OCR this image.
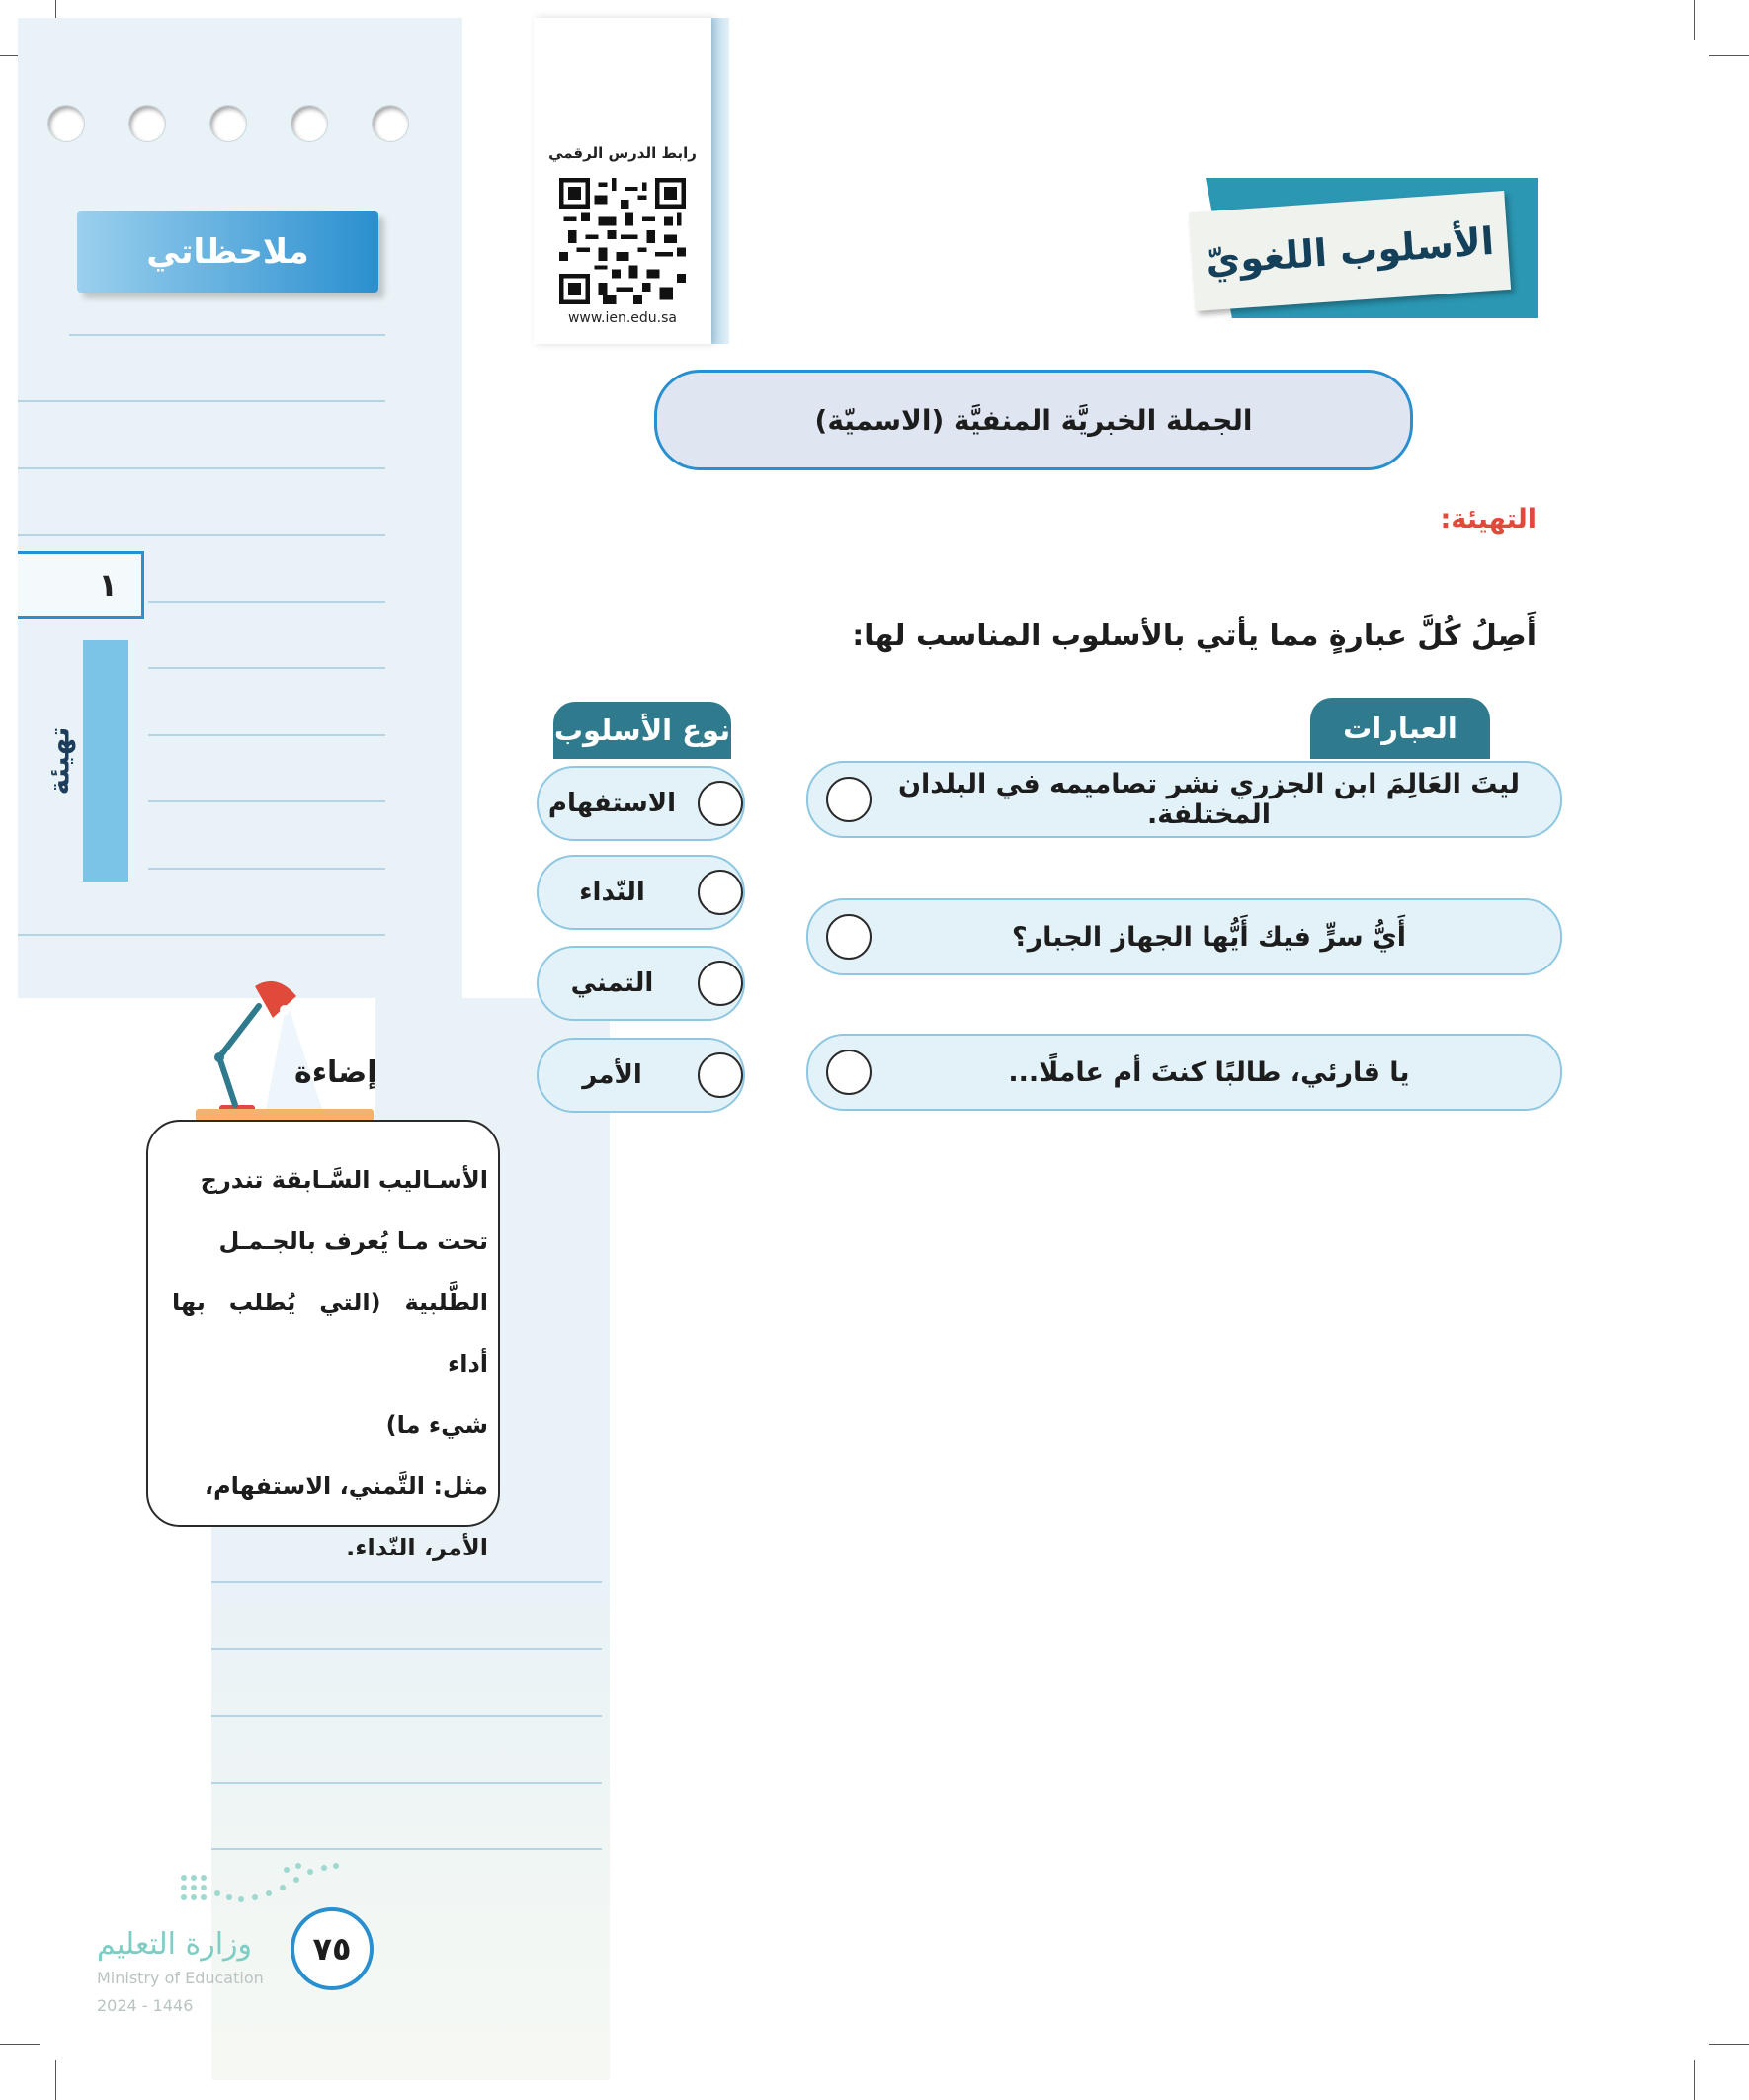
ملاحظاتي
١
تهيئة
رابط الدرس الرقمي
www.ien.edu.sa
الأسلوب اللغويّ
الجملة الخبريَّة المنفيَّة (الاسميّة)
التهيئة:
أَصِلُ كُلَّ عبارةٍ مما يأتي بالأسلوب المناسب لها:
العبارات
نوع الأسلوب
ليتَ العَالِمَ ابن الجزري نشر تصاميمه في البلدان المختلفة.
أَيُّ سرٍّ فيك أَيُّها الجهاز الجبار؟
يا قارئي، طالبًا كنتَ أم عاملًا...
الاستفهام
النّداء
التمني
الأمر
إضاءة

الأسـاليب السَّـابقة تندرج

تحت مـا يُعرف بالجـمـل

الطَّلبية (التي يُطلب بها أداء

شيء ما)

مثل: التَّمني، الاستفهام،

الأمر، النّداء.

٧٥
وزارة التعليم
Ministry of Education
2024 - 1446
